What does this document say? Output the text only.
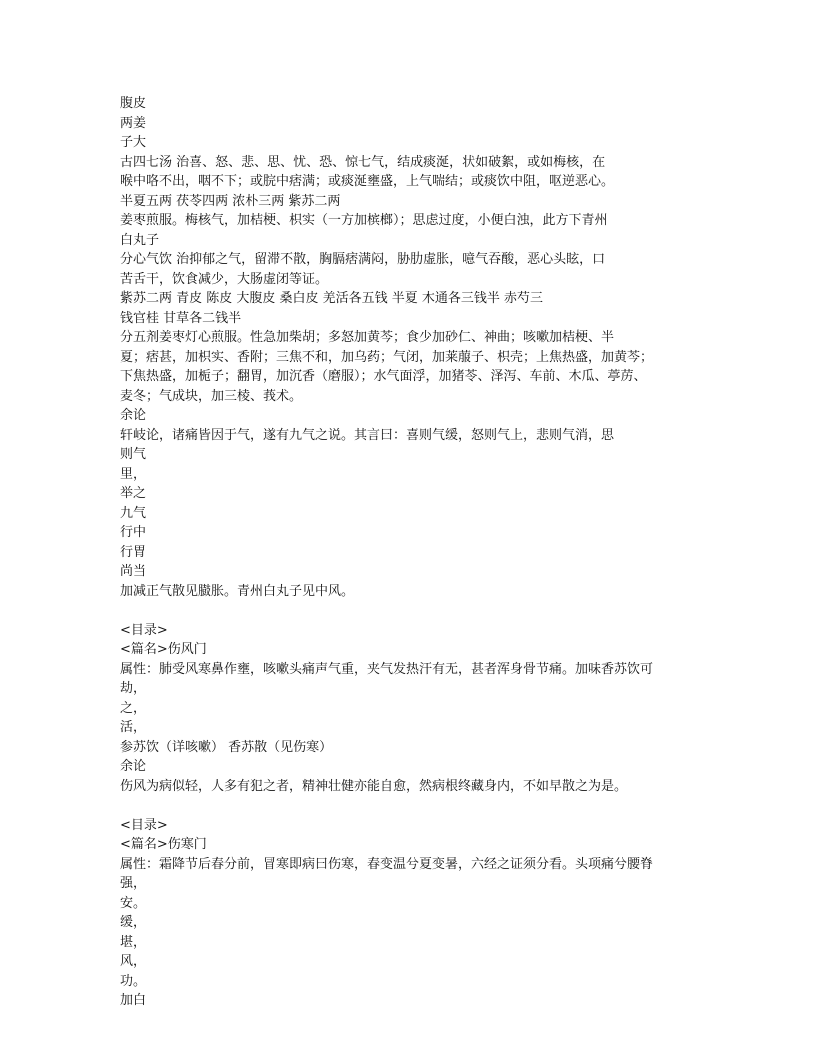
腹皮
两姜
子大
古四七汤 治喜、怒、悲、思、忧、恐、惊七气，结成痰涎，状如破絮，或如梅核，在
喉中咯不出，咽不下；或脘中痞满；或痰涎壅盛，上气喘结；或痰饮中阻，呕逆恶心。
半夏五两 茯苓四两 浓朴三两 紫苏二两
姜枣煎服。梅核气，加桔梗、枳实（一方加槟榔）；思虑过度，小便白浊，此方下青州
白丸子
分心气饮 治抑郁之气，留滞不散，胸膈痞满闷，胁肋虚胀，噫气吞酸，恶心头眩，口
苦舌干，饮食减少，大肠虚闭等证。
紫苏二两 青皮 陈皮 大腹皮 桑白皮 羌活各五钱 半夏 木通各三钱半 赤芍三
钱官桂 甘草各二钱半
分五剂姜枣灯心煎服。性急加柴胡；多怒加黄芩；食少加砂仁、神曲；咳嗽加桔梗、半
夏；痞甚，加枳实、香附；三焦不和，加乌药；气闭，加莱菔子、枳壳；上焦热盛，加黄芩；
下焦热盛，加栀子；翻胃，加沉香（磨服）；水气面浮，加猪苓、泽泻、车前、木瓜、葶苈、
麦冬；气成块，加三棱、莪术。
余论
轩岐论，诸痛皆因于气，遂有九气之说。其言曰：喜则气缓，怒则气上，悲则气消，思
则气
里，
举之
九气
行中
行胃
尚当
加减正气散见臌胀。青州白丸子见中风。
<目录>
<篇名>伤风门
属性：肺受风寒鼻作壅，咳嗽头痛声气重，夹气发热汗有无，甚者浑身骨节痛。加味香苏饮可
劫，
之，
活，
参苏饮（详咳嗽） 香苏散（见伤寒）
余论
伤风为病似轻，人多有犯之者，精神壮健亦能自愈，然病根终藏身内，不如早散之为是。
<目录>
<篇名>伤寒门
属性：霜降节后春分前，冒寒即病曰伤寒，春变温兮夏变暑，六经之证须分看。头项痛兮腰脊
强，
安。
缓，
堪，
风，
功。
加白
